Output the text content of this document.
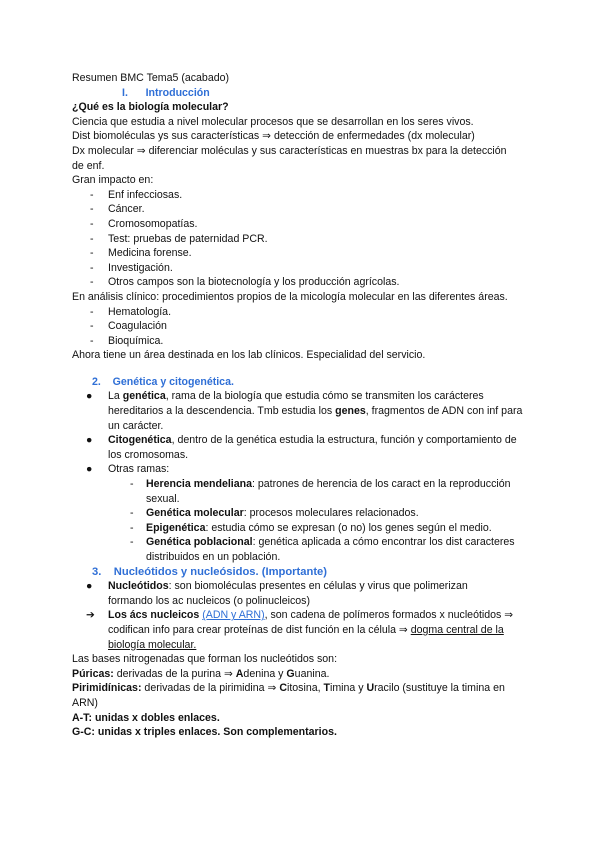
Resumen BMC Tema5 (acabado)
I. Introducción
¿Qué es la biología molecular?
Ciencia que estudia a nivel molecular procesos que se desarrollan en los seres vivos.
Dist biomoléculas ys sus características ⇒ detección de enfermedades (dx molecular)
Dx molecular ⇒ diferenciar moléculas y sus características en muestras bx para la detección de enf.
Gran impacto en:
-	Enf infecciosas.
-	Cáncer.
-	Cromosomopatías.
-	Test: pruebas de paternidad PCR.
-	Medicina forense.
-	Investigación.
-	Otros campos son la biotecnología y los producción agrícolas.
En análisis clínico: procedimientos propios de la micología molecular en las diferentes áreas.
-	Hematología.
-	Coagulación
-	Bioquímica.
Ahora tiene un área destinada en los lab clínicos. Especialidad del servicio.
2. Genética y citogenética.
●	La genética, rama de la biología que estudia cómo se transmiten los carácteres hereditarios a la descendencia. Tmb estudia los genes, fragmentos de ADN con inf para un carácter.
●	Citogenética, dentro de la genética estudia la estructura, función y comportamiento de los cromosomas.
●	Otras ramas:
-	Herencia mendeliana: patrones de herencia de los caract en la reproducción sexual.
-	Genética molecular: procesos moleculares relacionados.
-	Epigenética: estudia cómo se expresan (o no) los genes según el medio.
-	Genética poblacional: genética aplicada a cómo encontrar los dist caracteres distribuidos en un población.
3. Nucleótidos y nucleósidos. (Importante)
●	Nucleótidos: son biomoléculas presentes en células y virus que polimerizan formando los ac nucleicos (o polinucleicos)
➔	Los ács nucleicos (ADN y ARN), son cadena de polímeros formados x nucleótidos ⇒ codifican info para crear proteínas de dist función en la célula ⇒ dogma central de la biología molecular.
Las bases nitrogenadas que forman los nucleótidos son:
Púricas: derivadas de la purina ⇒ Adenina y Guanina.
Pirimidínicas: derivadas de la pirimidina ⇒ Citosina, Timina y Uracilo (sustituye la timina en ARN)
A-T: unidas x dobles enlaces.
G-C: unidas x triples enlaces. Son complementarios.
